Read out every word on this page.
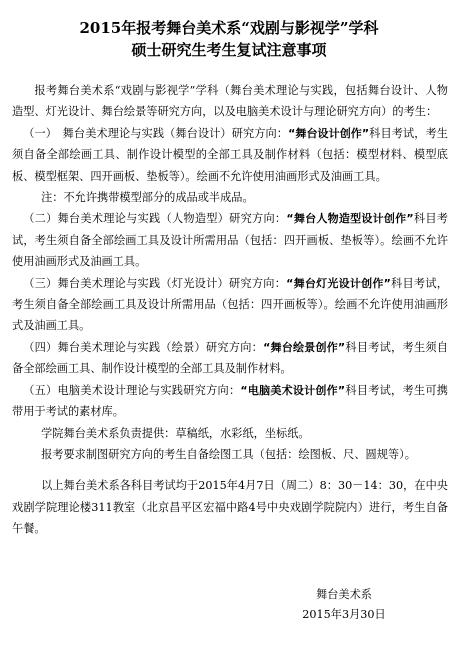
2015年报考舞台美术系“戏剧与影视学”学科
硕士研究生考生复试注意事项

报考舞台美术系“戏剧与影视学”学科（舞台美术理论与实践，包括舞台设计、人物造型、灯光设计、舞台绘景等研究方向，以及电脑美术设计与理论研究方向）的考生：

（一）　舞台美术理论与实践（舞台设计）研究方向：“舞台设计创作”科目考试，考生须自备全部绘画工具、制作设计模型的全部工具及制作材料（包括：模型材料、模型底板、模型框架、四开画板、垫板等）。绘画不允许使用油画形式及油画工具。

注：不允许携带模型部分的成品或半成品。

（二）舞台美术理论与实践（人物造型）研究方向：“舞台人物造型设计创作”科目考试，考生须自备全部绘画工具及设计所需用品（包括：四开画板、垫板等）。绘画不允许使用油画形式及油画工具。

（三）舞台美术理论与实践（灯光设计）研究方向：“舞台灯光设计创作”科目考试，考生须自备全部绘画工具及设计所需用品（包括：四开画板等）。绘画不允许使用油画形式及油画工具。

（四）舞台美术理论与实践（绘景）研究方向：“舞台绘景创作”科目考试，考生须自备全部绘画工具、制作设计模型的全部工具及制作材料。

（五）电脑美术设计理论与实践研究方向：“电脑美术设计创作”科目考试，考生可携带用于考试的素材库。

学院舞台美术系负责提供：草稿纸，水彩纸，坐标纸。

报考要求制图研究方向的考生自备绘图工具（包括：绘图板、尺、圆规等）。

以上舞台美术系各科目考试均于2015年4月7日（周二）8：30－14：30，在中央戏剧学院理论楼311教室（北京昌平区宏福中路4号中央戏剧学院院内）进行，考生自备午餐。

舞台美术系
2015年3月30日
